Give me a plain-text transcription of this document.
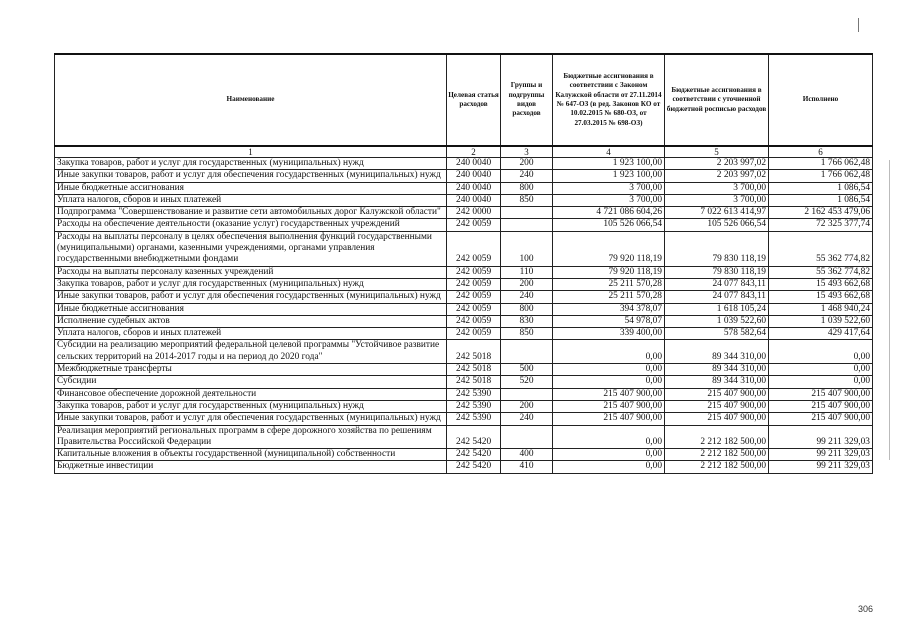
Наименование	Целевая статья расходов	Группы и подгруппы видов расходов	Бюджетные ассигнования в соответствии с Законом Калужской области от 27.11.2014 № 647-ОЗ (в ред. Законов КО от 10.02.2015 № 680-ОЗ, от 27.03.2015 № 698-ОЗ)	Бюджетные ассигнования в соответствии с уточненной бюджетной росписью расходов	Исполнено
1	2	3	4	5	6
Закупка товаров, работ и услуг для государственных (муниципальных) нужд	240 0040	200	1 923 100,00	2 203 997,02	1 766 062,48
Иные закупки товаров, работ и услуг для обеспечения государственных (муниципальных) нужд	240 0040	240	1 923 100,00	2 203 997,02	1 766 062,48
Иные бюджетные ассигнования	240 0040	800	3 700,00	3 700,00	1 086,54
Уплата налогов, сборов и иных платежей	240 0040	850	3 700,00	3 700,00	1 086,54
Подпрограмма "Совершенствование и развитие сети автомобильных дорог Калужской области"	242 0000		4 721 086 604,26	7 022 613 414,97	2 162 453 479,06
Расходы на обеспечение деятельности (оказание услуг) государственных учреждений	242 0059		105 526 066,54	105 526 066,54	72 325 377,74
Расходы на выплаты персоналу в целях обеспечения выполнения функций государственными (муниципальными) органами, казенными учреждениями, органами управления государственными внебюджетными фондами	242 0059	100	79 920 118,19	79 830 118,19	55 362 774,82
Расходы на выплаты персоналу казенных учреждений	242 0059	110	79 920 118,19	79 830 118,19	55 362 774,82
Закупка товаров, работ и услуг для государственных (муниципальных) нужд	242 0059	200	25 211 570,28	24 077 843,11	15 493 662,68
Иные закупки товаров, работ и услуг для обеспечения государственных (муниципальных) нужд	242 0059	240	25 211 570,28	24 077 843,11	15 493 662,68
Иные бюджетные ассигнования	242 0059	800	394 378,07	1 618 105,24	1 468 940,24
Исполнение судебных актов	242 0059	830	54 978,07	1 039 522,60	1 039 522,60
Уплата налогов, сборов и иных платежей	242 0059	850	339 400,00	578 582,64	429 417,64
Субсидии на реализацию мероприятий федеральной целевой программы "Устойчивое развитие сельских территорий на 2014-2017 годы и на период до 2020 года"	242 5018		0,00	89 344 310,00	0,00
Межбюджетные трансферты	242 5018	500	0,00	89 344 310,00	0,00
Субсидии	242 5018	520	0,00	89 344 310,00	0,00
Финансовое обеспечение дорожной деятельности	242 5390		215 407 900,00	215 407 900,00	215 407 900,00
Закупка товаров, работ и услуг для государственных (муниципальных) нужд	242 5390	200	215 407 900,00	215 407 900,00	215 407 900,00
Иные закупки товаров, работ и услуг для обеспечения государственных (муниципальных) нужд	242 5390	240	215 407 900,00	215 407 900,00	215 407 900,00
Реализация мероприятий региональных программ в сфере дорожного хозяйства по решениям Правительства Российской Федерации	242 5420		0,00	2 212 182 500,00	99 211 329,03
Капитальные вложения в объекты государственной (муниципальной) собственности	242 5420	400	0,00	2 212 182 500,00	99 211 329,03
Бюджетные инвестиции	242 5420	410	0,00	2 212 182 500,00	99 211 329,03
306
